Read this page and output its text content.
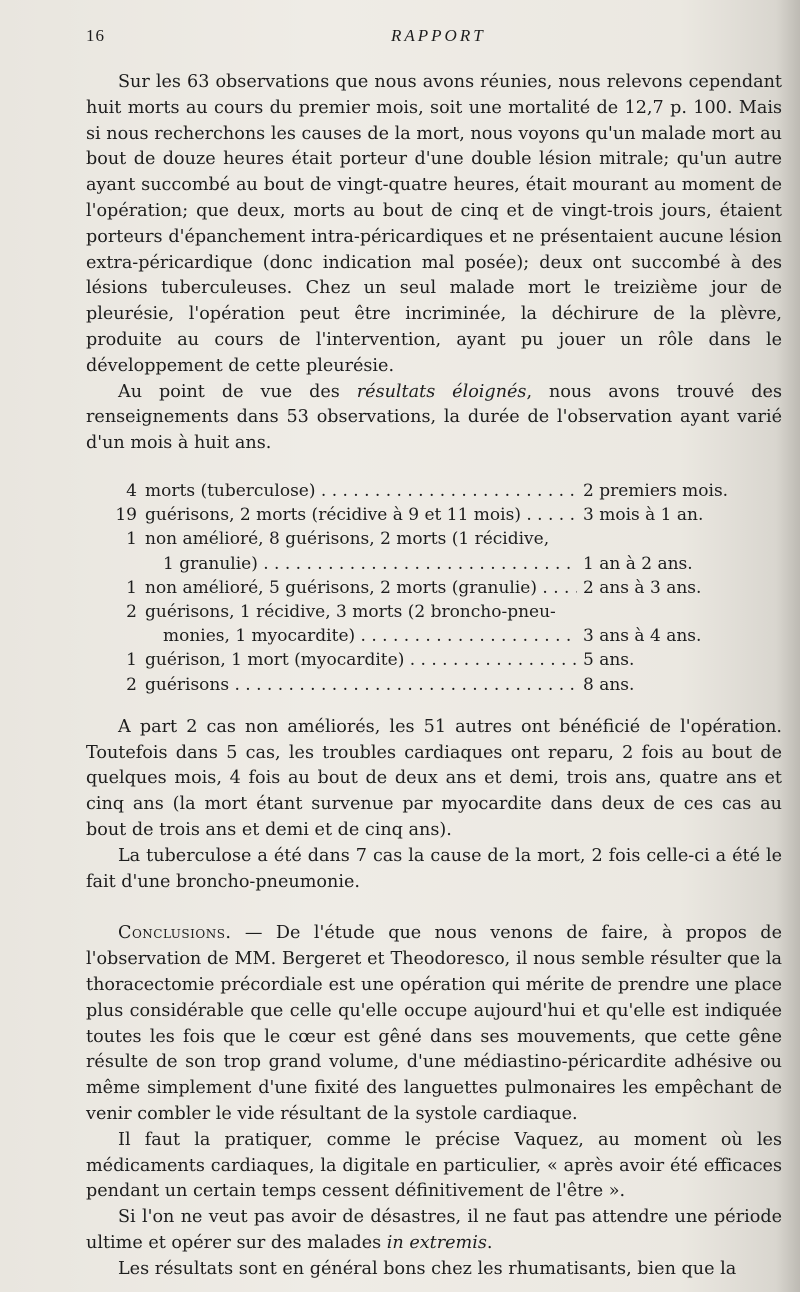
16	RAPPORT

Sur les 63 observations que nous avons réunies, nous relevons cependant huit morts au cours du premier mois, soit une mortalité de 12,7 p. 100. Mais si nous recherchons les causes de la mort, nous voyons qu'un malade mort au bout de douze heures était porteur d'une double lésion mitrale; qu'un autre ayant succombé au bout de vingt-quatre heures, était mourant au moment de l'opération; que deux, morts au bout de cinq et de vingt-trois jours, étaient porteurs d'épanchement intra-péricardiques et ne présentaient aucune lésion extra-péricardique (donc indication mal posée); deux ont succombé à des lésions tuberculeuses. Chez un seul malade mort le treizième jour de pleurésie, l'opération peut être incriminée, la déchirure de la plèvre, produite au cours de l'intervention, ayant pu jouer un rôle dans le développement de cette pleurésie.

Au point de vue des résultats éloignés, nous avons trouvé des renseignements dans 53 observations, la durée de l'observation ayant varié d'un mois à huit ans.

4 morts (tuberculose) . . .	2 premiers mois.
19 guérisons, 2 morts (récidive à 9 et 11 mois) . . .	3 mois à 1 an.
1 non amélioré, 8 guérisons, 2 morts (1 récidive,
1 granulie) . . .	1 an à 2 ans.
1 non amélioré, 5 guérisons, 2 morts (granulie) . . .	2 ans à 3 ans.
2 guérisons, 1 récidive, 3 morts (2 broncho-pneu-
monies, 1 myocardite) . . .	3 ans à 4 ans.
1 guérison, 1 mort (myocardite) . . .	5 ans.
2 guérisons . . .	8 ans.

A part 2 cas non améliorés, les 51 autres ont bénéficié de l'opération. Toutefois dans 5 cas, les troubles cardiaques ont reparu, 2 fois au bout de quelques mois, 4 fois au bout de deux ans et demi, trois ans, quatre ans et cinq ans (la mort étant survenue par myocardite dans deux de ces cas au bout de trois ans et demi et de cinq ans).

La tuberculose a été dans 7 cas la cause de la mort, 2 fois celle-ci a été le fait d'une broncho-pneumonie.

Conclusions. — De l'étude que nous venons de faire, à propos de l'observation de MM. Bergeret et Theodoresco, il nous semble résulter que la thoracectomie précordiale est une opération qui mérite de prendre une place plus considérable que celle qu'elle occupe aujourd'hui et qu'elle est indiquée toutes les fois que le cœur est gêné dans ses mouvements, que cette gêne résulte de son trop grand volume, d'une médiastino-péricardite adhésive ou même simplement d'une fixité des languettes pulmonaires les empêchant de venir combler le vide résultant de la systole cardiaque.

Il faut la pratiquer, comme le précise Vaquez, au moment où les médicaments cardiaques, la digitale en particulier, « après avoir été efficaces pendant un certain temps cessent définitivement de l'être ».

Si l'on ne veut pas avoir de désastres, il ne faut pas attendre une période ultime et opérer sur des malades in extremis.

Les résultats sont en général bons chez les rhumatisants, bien que la
